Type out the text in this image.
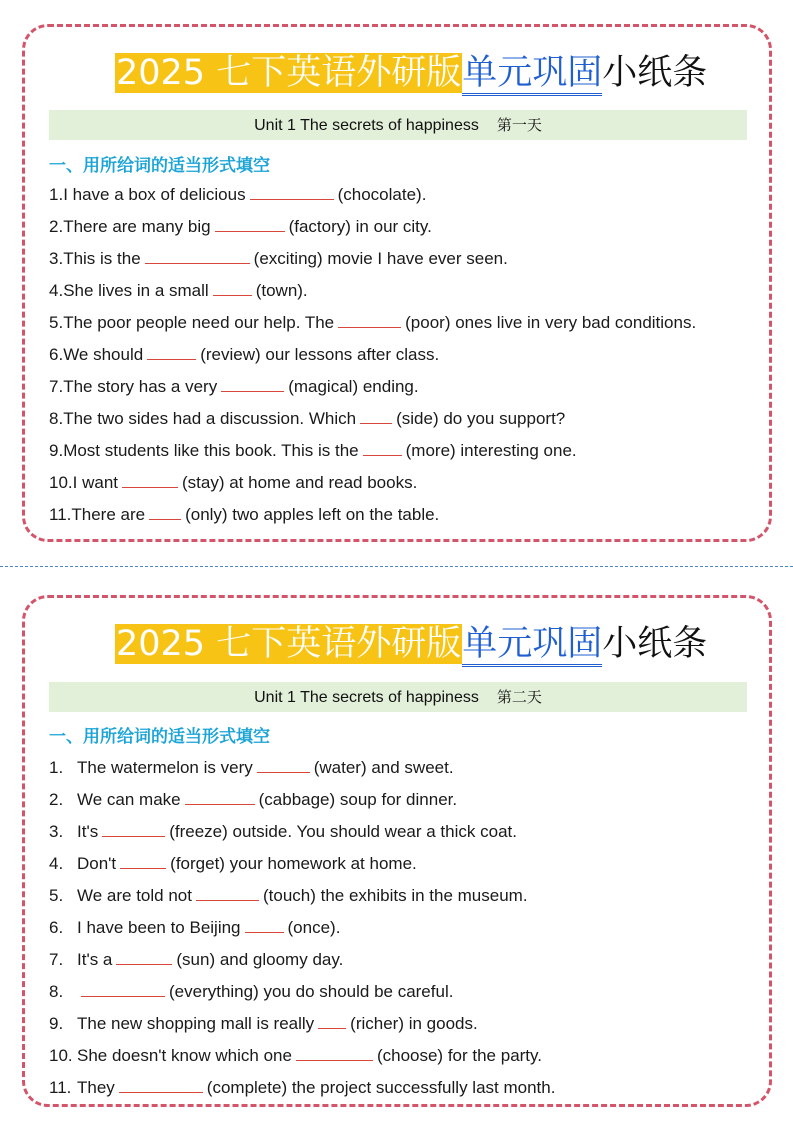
2025 七下英语外研版单元巩固小纸条
Unit 1 The secrets of happiness 第一天
一、用所给词的适当形式填空
1.I have a box of delicious	(chocolate).
2.There are many big	(factory) in our city.
3.This is the	(exciting) movie I have ever seen.
4.She lives in a small	(town).
5.The poor people need our help. The	(poor) ones live in very bad conditions.
6.We should	(review) our lessons after class.
7.The story has a very	(magical) ending.
8.The two sides had a discussion. Which (side) do you support?
9.Most students like this book. This is the	(more) interesting one.
10.I want	(stay) at home and read books.
11.There are (only) two apples left on the table.
2025 七下英语外研版单元巩固小纸条
Unit 1 The secrets of happiness 第二天
一、用所给词的适当形式填空
1. The watermelon is very	(water) and sweet.
2. We can make	(cabbage) soup for dinner.
3. It's	(freeze) outside. You should wear a thick coat.
4. Don't	(forget) your homework at home.
5. We are told not	(touch) the exhibits in the museum.
6. I have been to Beijing	(once).
7. It's a	(sun) and gloomy day.
8.	(everything) you do should be careful.
9. The new shopping mall is really (richer) in goods.
10. She doesn't know which one	(choose) for the party.
11. They	(complete) the project successfully last month.
